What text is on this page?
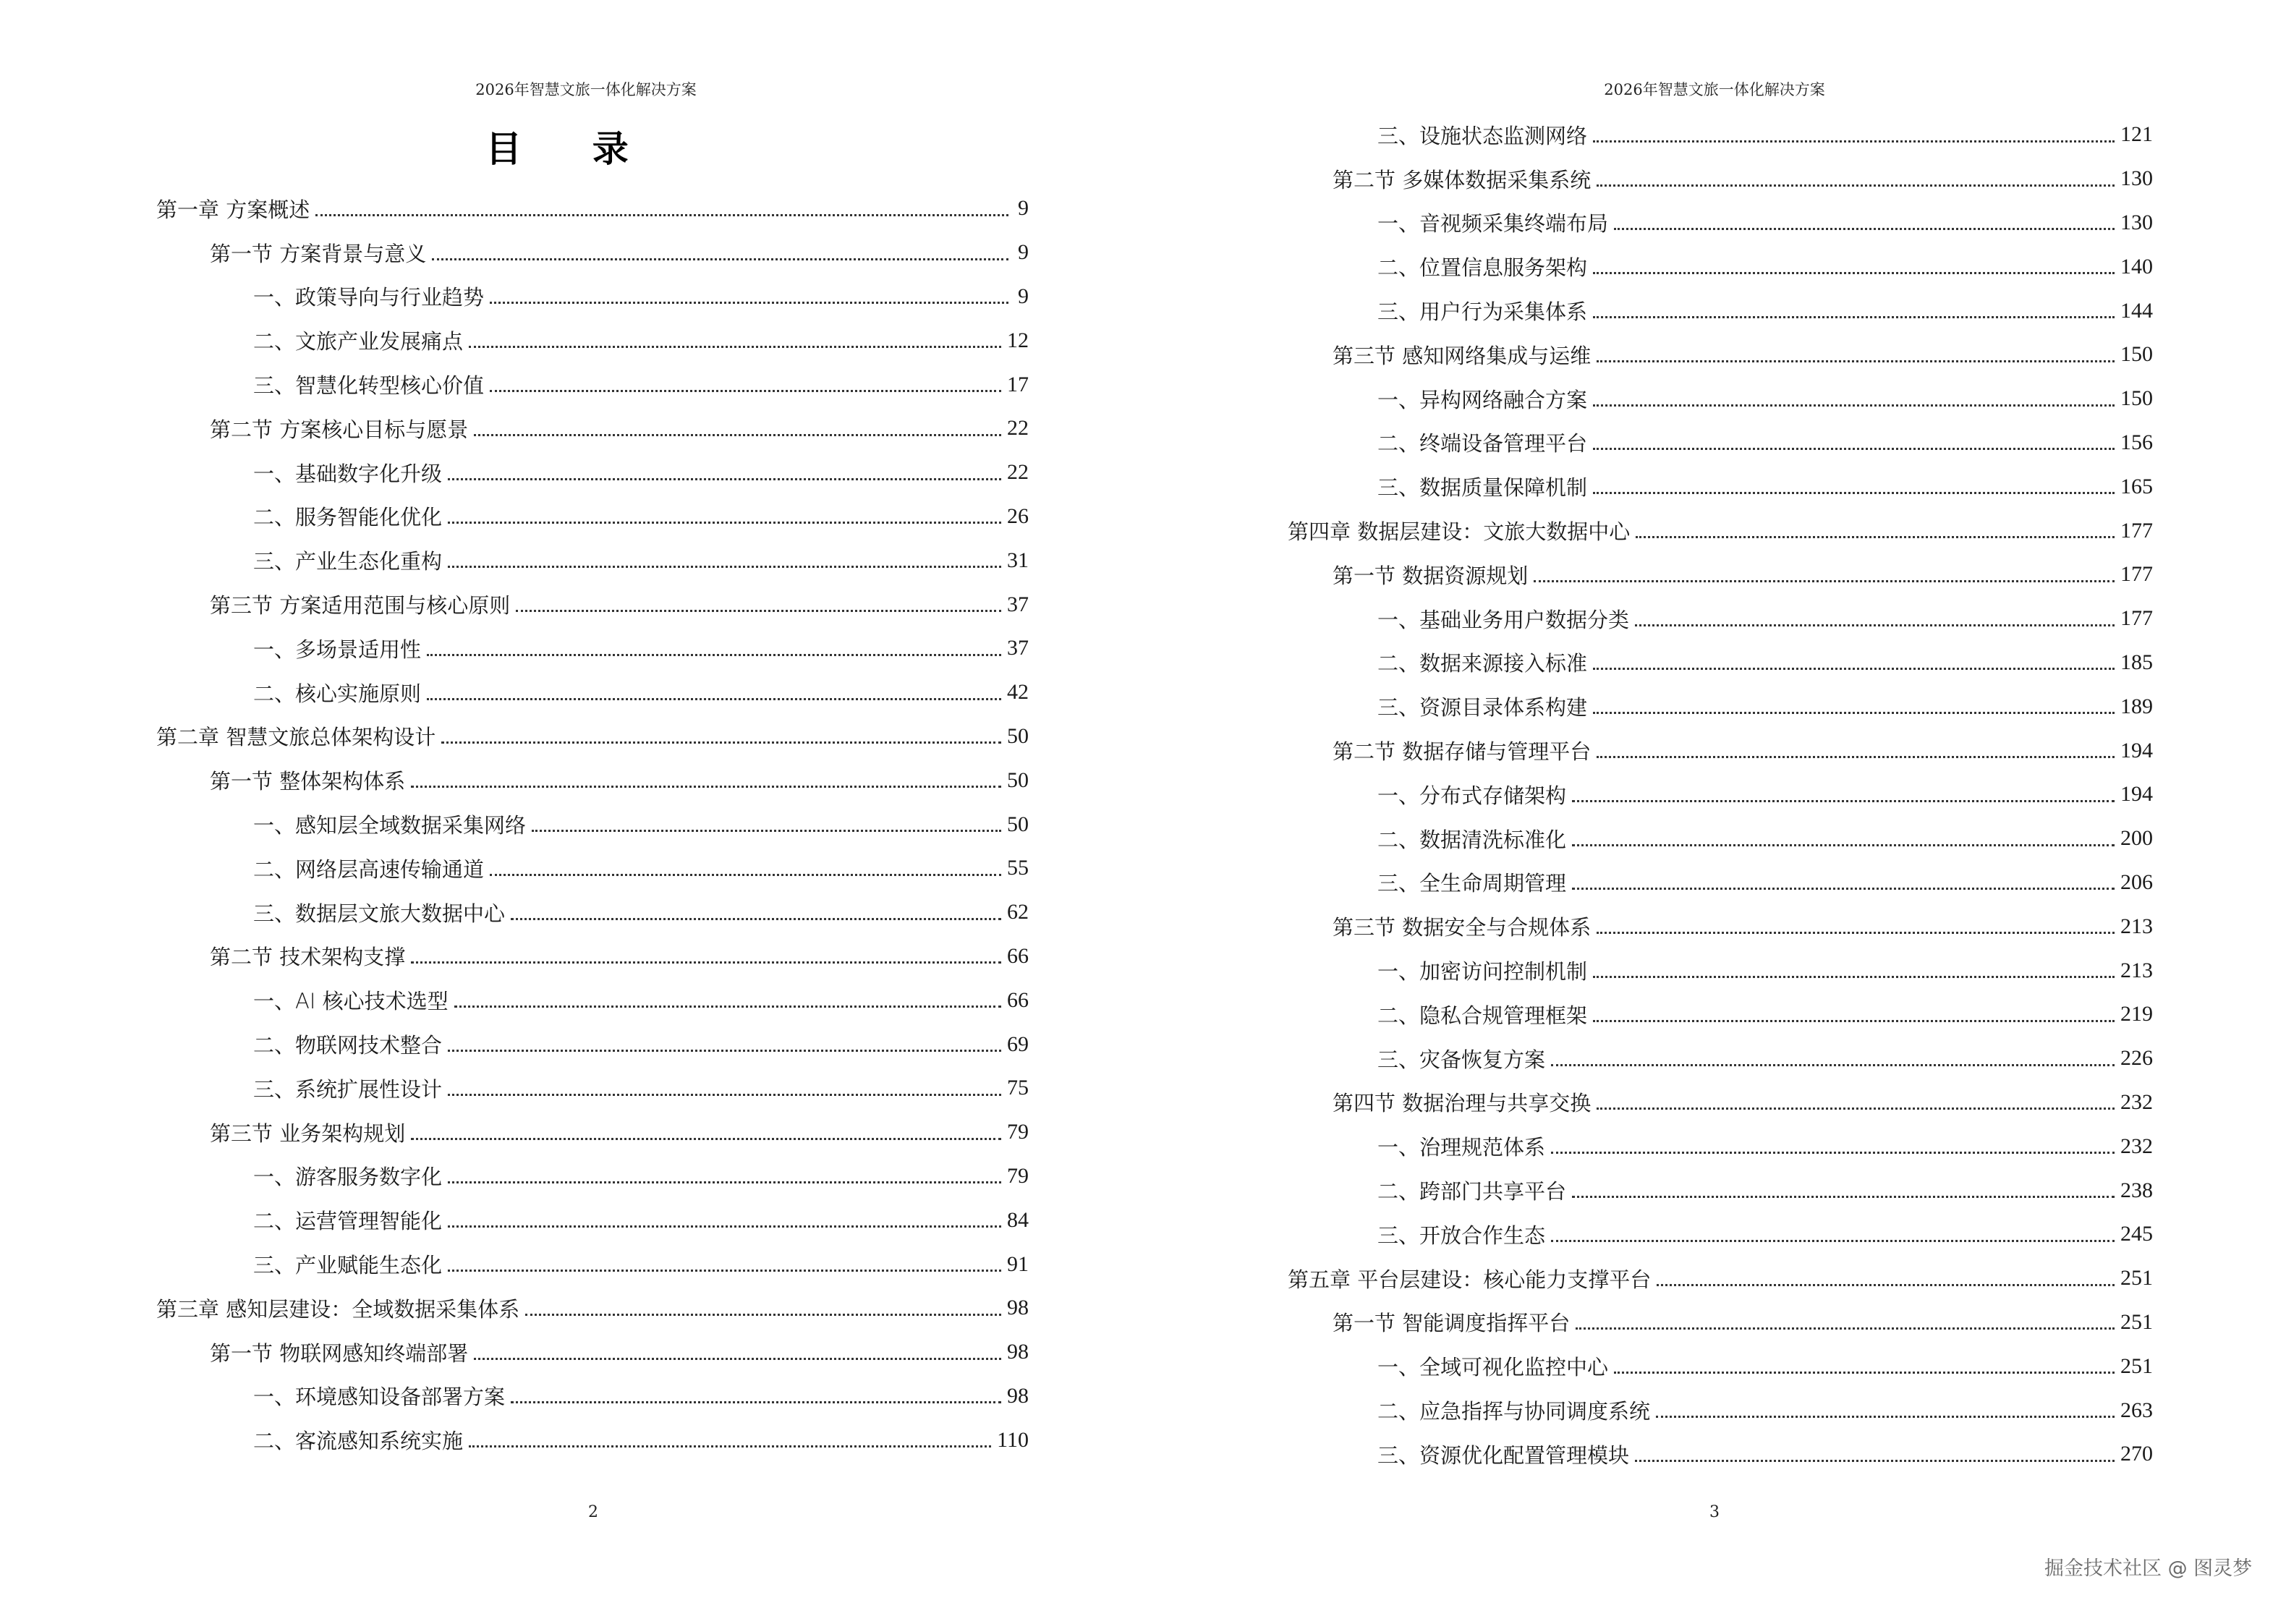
2026年智慧文旅一体化解决方案
目 录
第一章 方案概述	9
第一节 方案背景与意义	9
一、政策导向与行业趋势	9
二、文旅产业发展痛点	12
三、智慧化转型核心价值	17
第二节 方案核心目标与愿景	22
一、基础数字化升级	22
二、服务智能化优化	26
三、产业生态化重构	31
第三节 方案适用范围与核心原则	37
一、多场景适用性	37
二、核心实施原则	42
第二章 智慧文旅总体架构设计	50
第一节 整体架构体系	50
一、感知层全域数据采集网络	50
二、网络层高速传输通道	55
三、数据层文旅大数据中心	62
第二节 技术架构支撑	66
一、AI 核心技术选型	66
二、物联网技术整合	69
三、系统扩展性设计	75
第三节 业务架构规划	79
一、游客服务数字化	79
二、运营管理智能化	84
三、产业赋能生态化	91
第三章 感知层建设：全域数据采集体系	98
第一节 物联网感知终端部署	98
一、环境感知设备部署方案	98
二、客流感知系统实施	110
2
2026年智慧文旅一体化解决方案
三、设施状态监测网络	121
第二节 多媒体数据采集系统	130
一、音视频采集终端布局	130
二、位置信息服务架构	140
三、用户行为采集体系	144
第三节 感知网络集成与运维	150
一、异构网络融合方案	150
二、终端设备管理平台	156
三、数据质量保障机制	165
第四章 数据层建设：文旅大数据中心	177
第一节 数据资源规划	177
一、基础业务用户数据分类	177
二、数据来源接入标准	185
三、资源目录体系构建	189
第二节 数据存储与管理平台	194
一、分布式存储架构	194
二、数据清洗标准化	200
三、全生命周期管理	206
第三节 数据安全与合规体系	213
一、加密访问控制机制	213
二、隐私合规管理框架	219
三、灾备恢复方案	226
第四节 数据治理与共享交换	232
一、治理规范体系	232
二、跨部门共享平台	238
三、开放合作生态	245
第五章 平台层建设：核心能力支撑平台	251
第一节 智能调度指挥平台	251
一、全域可视化监控中心	251
二、应急指挥与协同调度系统	263
三、资源优化配置管理模块	270
3
掘金技术社区 @ 图灵梦
